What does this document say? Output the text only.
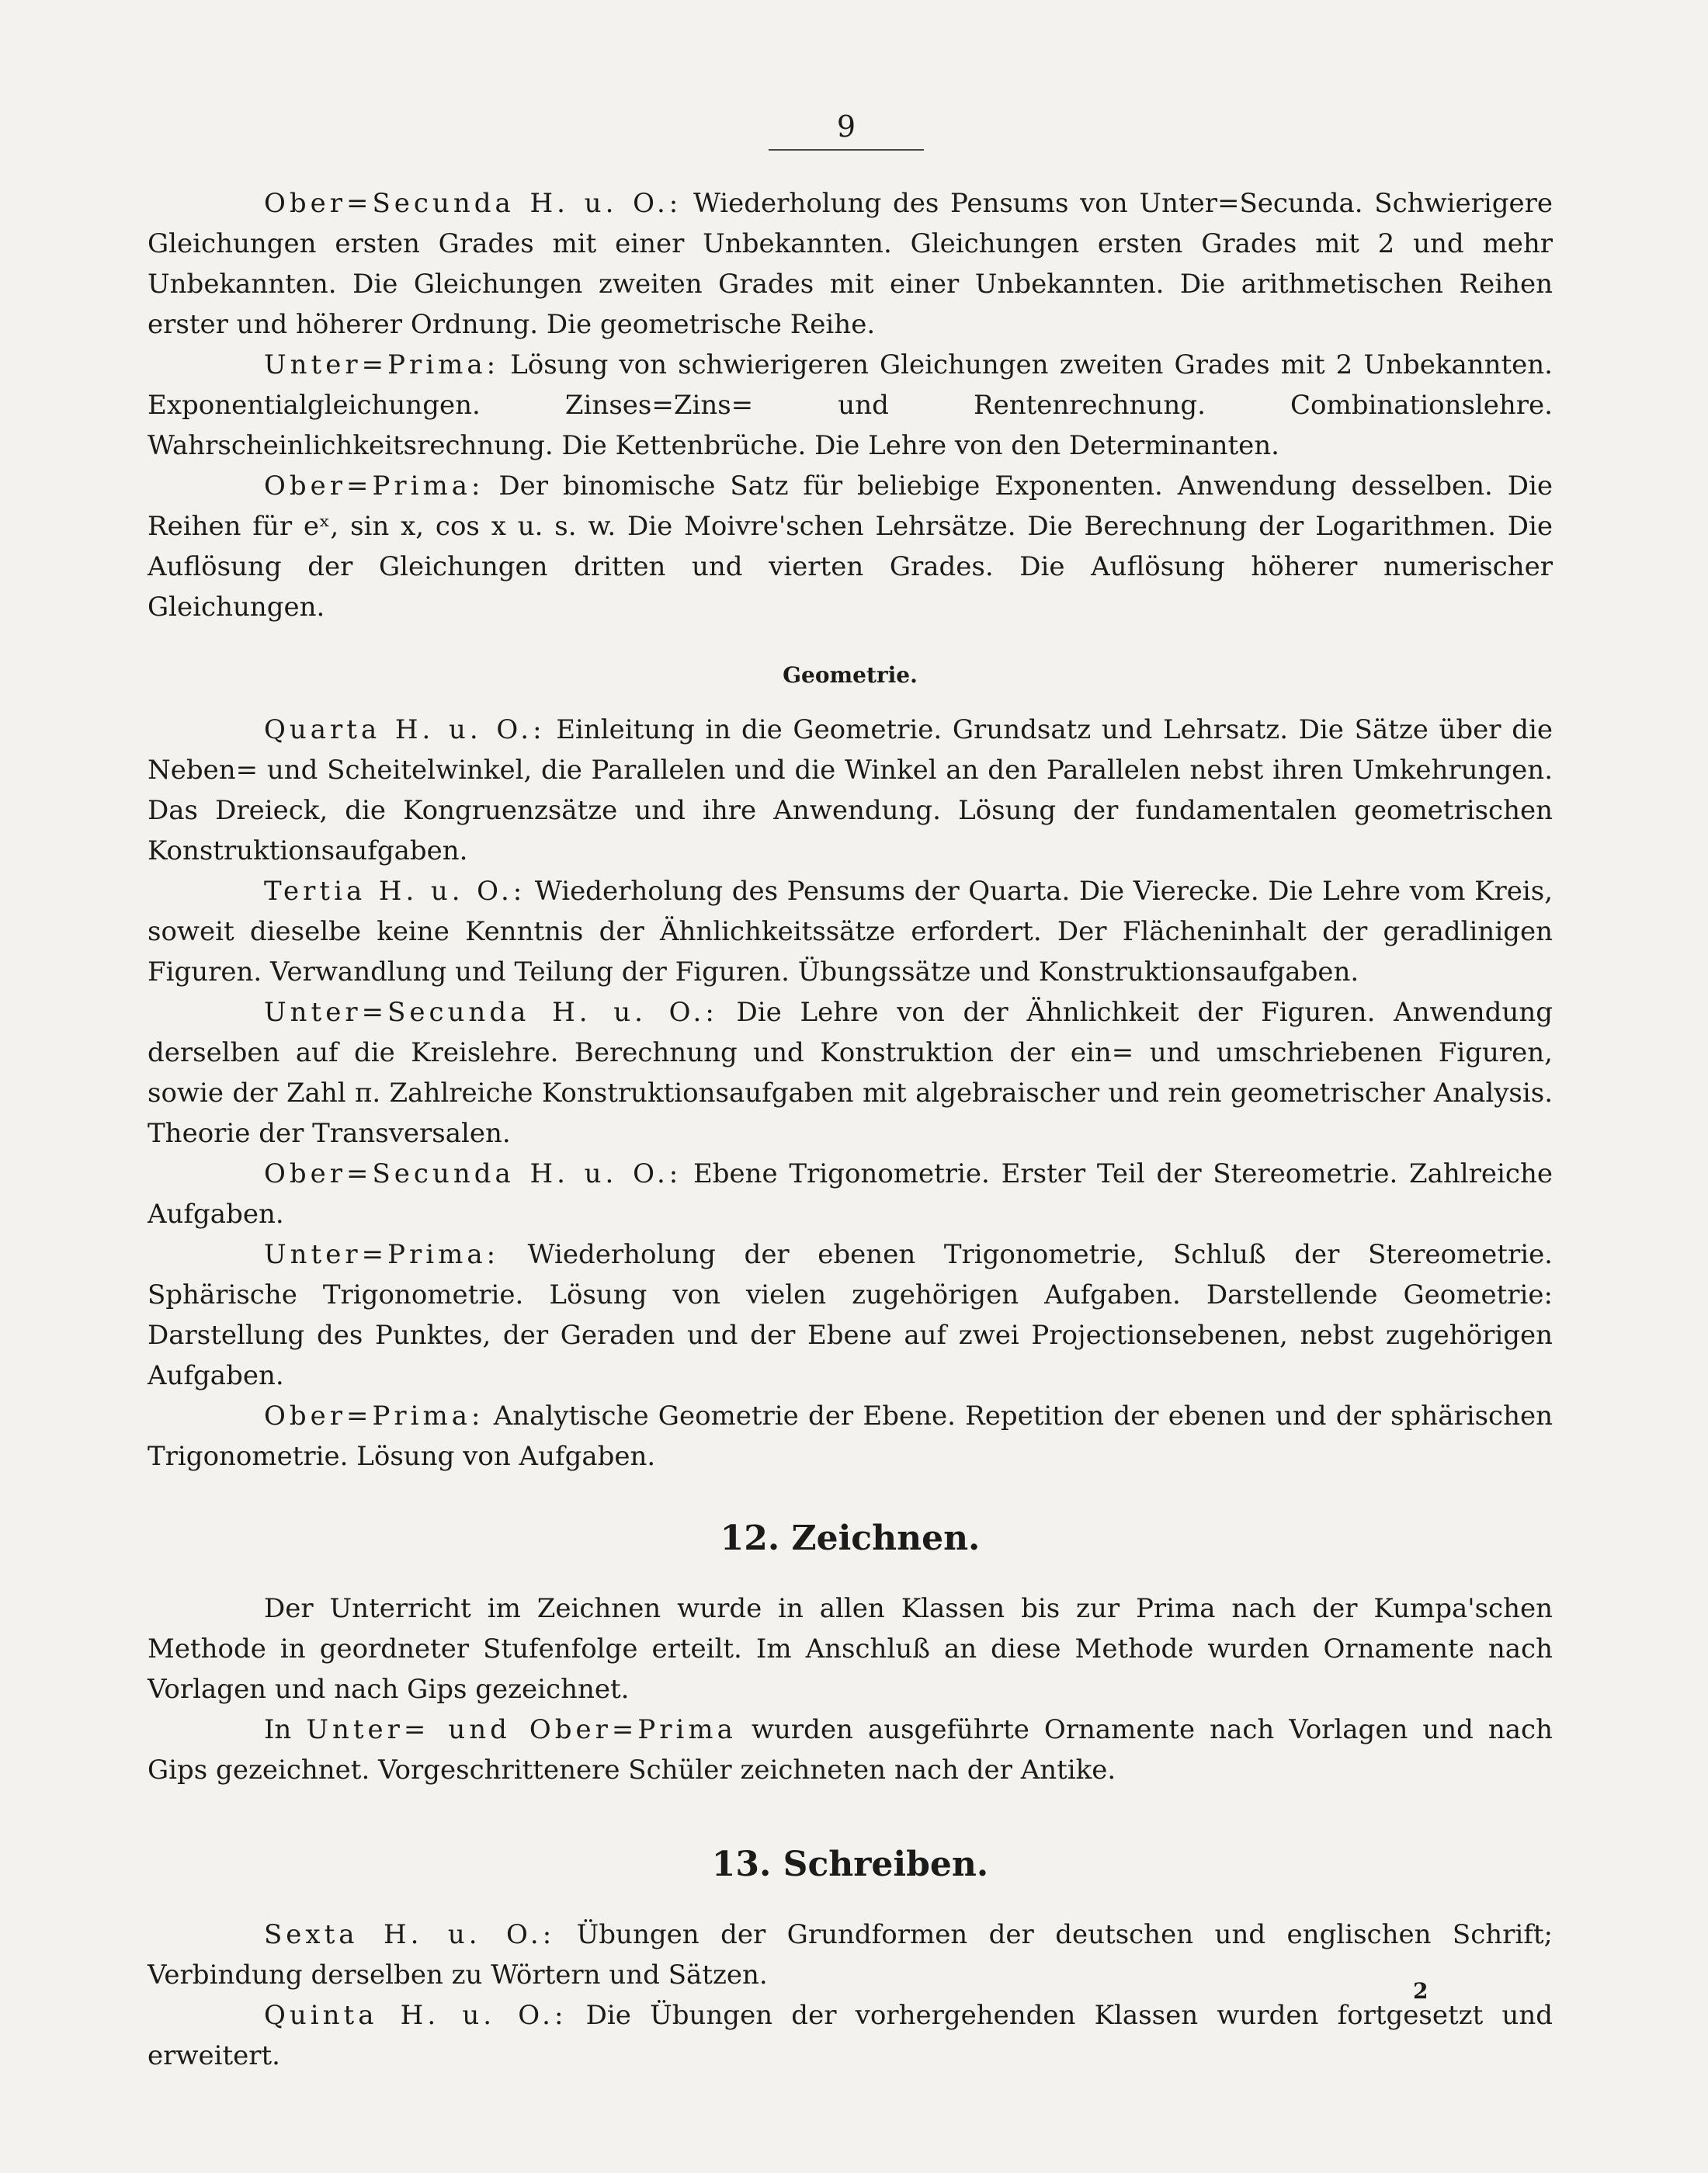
9

Ober=Secunda H. u. O.: Wiederholung des Pensums von Unter=Secunda. Schwierigere Gleichungen ersten Grades mit einer Unbekannten. Gleichungen ersten Grades mit 2 und mehr Unbekannten. Die Gleichungen zweiten Grades mit einer Unbekannten. Die arithmetischen Reihen erster und höherer Ordnung. Die geometrische Reihe.

Unter=Prima: Lösung von schwierigeren Gleichungen zweiten Grades mit 2 Unbekannten. Exponentialgleichungen. Zinses=Zins= und Rentenrechnung. Combinationslehre. Wahrscheinlichkeitsrechnung. Die Kettenbrüche. Die Lehre von den Determinanten.

Ober=Prima: Der binomische Satz für beliebige Exponenten. Anwendung desselben. Die Reihen für eˣ, sin x, cos x u. s. w. Die Moivre'schen Lehrsätze. Die Berechnung der Logarithmen. Die Auflösung der Gleichungen dritten und vierten Grades. Die Auflösung höherer numerischer Gleichungen.

Geometrie.

Quarta H. u. O.: Einleitung in die Geometrie. Grundsatz und Lehrsatz. Die Sätze über die Neben= und Scheitelwinkel, die Parallelen und die Winkel an den Parallelen nebst ihren Umkehrungen. Das Dreieck, die Kongruenzsätze und ihre Anwendung. Lösung der fundamentalen geometrischen Konstruktionsaufgaben.

Tertia H. u. O.: Wiederholung des Pensums der Quarta. Die Vierecke. Die Lehre vom Kreis, soweit dieselbe keine Kenntnis der Ähnlichkeitssätze erfordert. Der Flächeninhalt der geradlinigen Figuren. Verwandlung und Teilung der Figuren. Übungssätze und Konstruktionsaufgaben.

Unter=Secunda H. u. O.: Die Lehre von der Ähnlichkeit der Figuren. Anwendung derselben auf die Kreislehre. Berechnung und Konstruktion der ein= und umschriebenen Figuren, sowie der Zahl π. Zahlreiche Konstruktionsaufgaben mit algebraischer und rein geometrischer Analysis. Theorie der Transversalen.

Ober=Secunda H. u. O.: Ebene Trigonometrie. Erster Teil der Stereometrie. Zahlreiche Aufgaben.

Unter=Prima: Wiederholung der ebenen Trigonometrie, Schluß der Stereometrie. Sphärische Trigonometrie. Lösung von vielen zugehörigen Aufgaben. Darstellende Geometrie: Darstellung des Punktes, der Geraden und der Ebene auf zwei Projectionsebenen, nebst zugehörigen Aufgaben.

Ober=Prima: Analytische Geometrie der Ebene. Repetition der ebenen und der sphärischen Trigonometrie. Lösung von Aufgaben.

12. Zeichnen.

Der Unterricht im Zeichnen wurde in allen Klassen bis zur Prima nach der Kumpa'schen Methode in geordneter Stufenfolge erteilt. Im Anschluß an diese Methode wurden Ornamente nach Vorlagen und nach Gips gezeichnet.

In Unter= und Ober=Prima wurden ausgeführte Ornamente nach Vorlagen und nach Gips gezeichnet. Vorgeschrittenere Schüler zeichneten nach der Antike.

13. Schreiben.

Sexta H. u. O.: Übungen der Grundformen der deutschen und englischen Schrift; Verbindung derselben zu Wörtern und Sätzen.

Quinta H. u. O.: Die Übungen der vorhergehenden Klassen wurden fortgesetzt und erweitert.

2
